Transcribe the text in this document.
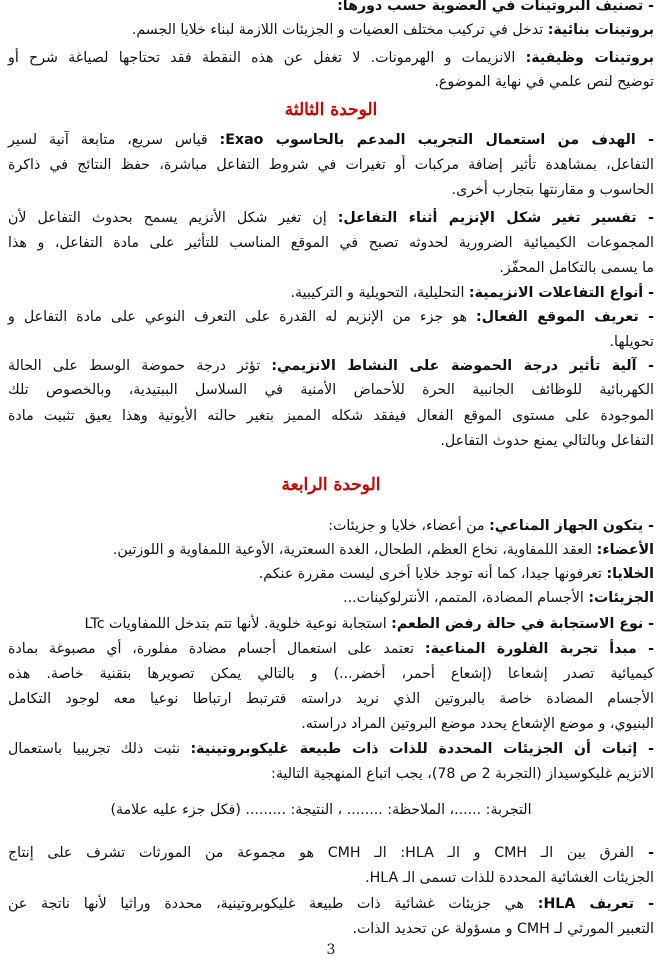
- تصنيف البروتينات في العضوية حسب دورها:
بروتينات بنائية: تدخل في تركيب مختلف العضيات و الجزيئات اللازمة لبناء خلايا الجسم.
بروتينات وظيفية: الانزيمات و الهرمونات. لا تغفل عن هذه النقطة فقد تحتاجها لصياغة شرح أو
توضيح لنص علمي في نهاية الموضوع.
الوحدة الثالثة
- الهدف من استعمال التجريب المدعم بالحاسوب Exao: قياس سريع، متابعة آنية لسير
التفاعل، بمشاهدة تأثير إضافة مركبات أو تغيرات في شروط التفاعل مباشرة، حفظ النتائج في ذاكرة
الحاسوب و مقارنتها بتجارب أخرى.
- تفسير تغير شكل الإنزيم أثناء التفاعل: إن تغير شكل الأنزيم يسمح بحدوث التفاعل لأن
المجموعات الكيميائية الضرورية لحدوثه تصبح في الموقع المناسب للتأثير على مادة التفاعل، و هذا
ما يسمى بالتكامل المحفّز.
- أنواع التفاعلات الانزيمية: التحليلية، التحويلية و التركيبية.
- تعريف الموقع الفعال: هو جزء من الإنزيم له القدرة على التعرف النوعي على مادة التفاعل و
تحويلها.
- آلية تأثير درجة الحموضة على النشاط الانزيمي: تؤثر درجة حموضة الوسط على الحالة
الكهربائية للوظائف الجانبية الحرة للأحماض الأمنية في السلاسل الببتيدية، وبالخصوص تلك
الموجودة على مستوى الموقع الفعال فيفقد شكله المميز بتغير حالته الأيونية وهذا يعيق تثبيت مادة
التفاعل وبالتالي يمنع حدوث التفاعل.
الوحدة الرابعة
- يتكون الجهاز المناعي: من أعضاء، خلايا و جزيئات:
الأعضاء: العقد اللمفاوية، نخاع العظم، الطحال، الغدة السعترية، الأوعية اللمفاوية و اللوزتين.
الخلايا: تعرفونها جيدا، كما أنه توجد خلايا أخرى ليست مقررة عنكم.
الجزيئات: الأجسام المضادة، المتمم، الأنترلوكينات...
- نوع الاستجابة في حالة رفض الطعم: استجابة نوعية خلوية. لأنها تتم بتدخل اللمفاويات LTc
- مبدأ تجربة الفلورة المناعية: تعتمد على استعمال أجسام مضادة مفلورة، أي مصبوغة بمادة
كيميائية تصدر إشعاعا (إشعاع أحمر، أخضر...) و بالتالي يمكن تصويرها بتقنية خاصة. هذه
الأجسام المضادة خاصة بالبروتين الذي نريد دراسته فترتبط ارتباطا نوعيا معه لوجود التكامل
البنيوي، و موضع الإشعاع يحدد موضع البروتين المراد دراسته.
- إثبات أن الجزيئات المحددة للذات ذات طبيعة غليكوبروتينية: نثبت ذلك تجريبيا باستعمال
الانزيم غليكوسيداز (التجربة 2 ص 78)، يجب اتباع المنهجية التالية:
التجربة: ......، الملاحظة: ........ ، النتيجة: ......... (فكل جزء عليه علامة)
- الفرق بين الـ CMH و الـ HLA: الـ CMH هو مجموعة من المورثات تشرف على إنتاج
الجزيئات الغشائية المحددة للذات تسمى الـ HLA.
- تعريف HLA: هي جزيئات غشائية ذات طبيعة غليكوبروتينية، محددة وراثيا لأنها ناتجة عن
التعبير المورثي لـ CMH و مسؤولة عن تحديد الذات.
3
